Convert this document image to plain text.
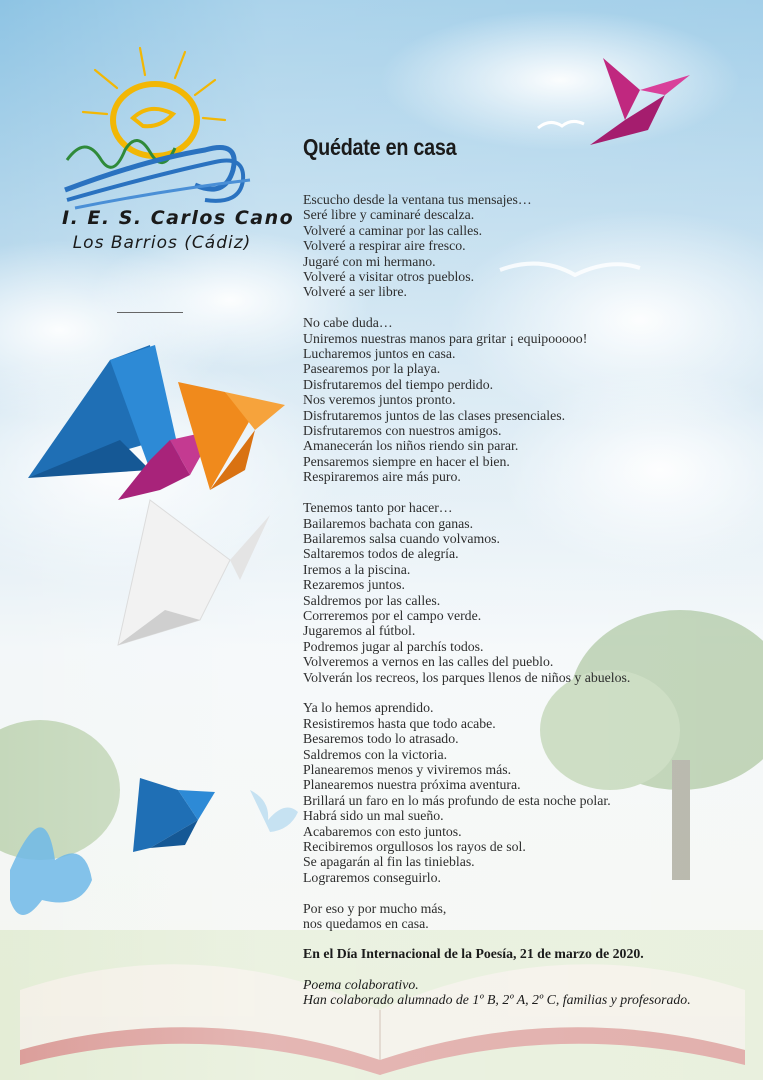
I. E. S. Carlos Cano
Los Barrios (Cádiz)
Quédate en casa
Escucho desde la ventana tus mensajes…
Seré libre y caminaré descalza.
Volveré a caminar por las calles.
Volveré a respirar aire fresco.
Jugaré con mi hermano.
Volveré a visitar otros pueblos.
Volveré a ser libre.
No cabe duda…
Uniremos nuestras manos para gritar ¡ equipooooo!
Lucharemos juntos en casa.
Pasearemos por la playa.
Disfrutaremos del tiempo perdido.
Nos veremos juntos pronto.
Disfrutaremos juntos de las clases presenciales.
Disfrutaremos con nuestros amigos.
Amanecerán los niños riendo sin parar.
Pensaremos siempre en hacer el bien.
Respiraremos aire más puro.
Tenemos tanto por hacer…
Bailaremos bachata con ganas.
Bailaremos salsa cuando volvamos.
Saltaremos todos de alegría.
Iremos a la piscina.
Rezaremos juntos.
Saldremos por las calles.
Correremos por el campo verde.
Jugaremos al fútbol.
Podremos jugar al parchís todos.
Volveremos a vernos en las calles del pueblo.
Volverán los recreos, los parques llenos de niños y abuelos.
Ya lo hemos aprendido.
Resistiremos hasta que todo acabe.
Besaremos todo lo atrasado.
Saldremos con la victoria.
Planearemos menos y viviremos más.
Planearemos nuestra próxima aventura.
Brillará un faro en lo más profundo de esta noche polar.
Habrá sido un mal sueño.
Acabaremos con esto juntos.
Recibiremos orgullosos los rayos de sol.
Se apagarán al fin las tinieblas.
Lograremos conseguirlo.
Por eso y por mucho más,
nos quedamos en casa.
En el Día Internacional de la Poesía, 21 de marzo de 2020.
Poema colaborativo.
Han colaborado alumnado de 1º B, 2º A, 2º C, familias y profesorado.
